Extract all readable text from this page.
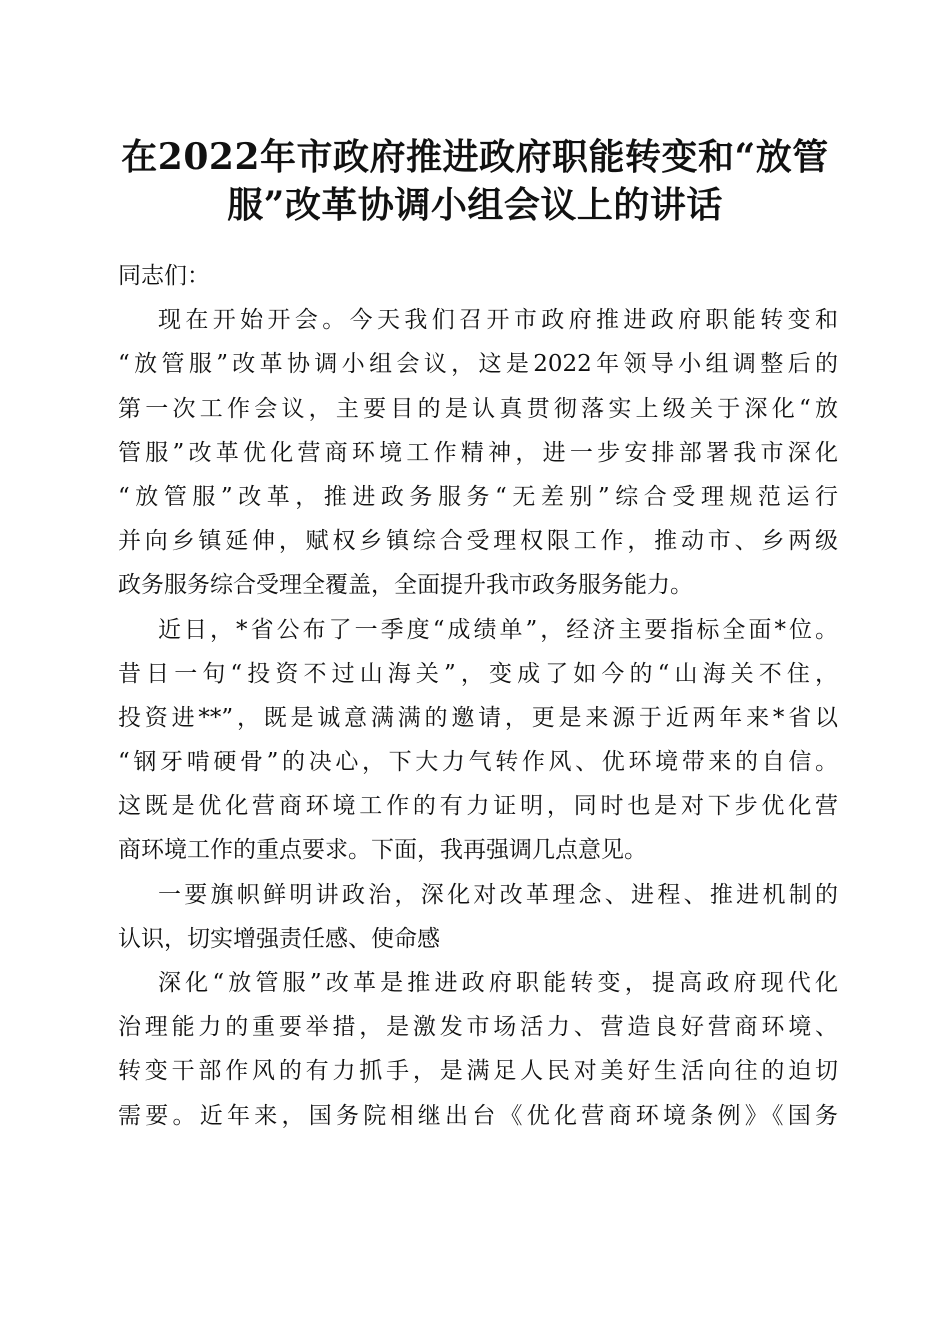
在2022年市政府推进政府职能转变和“放管
服”改革协调小组会议上的讲话
同志们：
现在开始开会。今天我们召开市政府推进政府职能转变和
“放管服”改革协调小组会议，这是2022年领导小组调整后的
第一次工作会议，主要目的是认真贯彻落实上级关于深化“放
管服”改革优化营商环境工作精神，进一步安排部署我市深化
“放管服”改革，推进政务服务“无差别”综合受理规范运行
并向乡镇延伸，赋权乡镇综合受理权限工作，推动市、乡两级
政务服务综合受理全覆盖，全面提升我市政务服务能力。
近日，*省公布了一季度“成绩单”，经济主要指标全面*位。
昔日一句“投资不过山海关”，变成了如今的“山海关不住，
投资进**”，既是诚意满满的邀请，更是来源于近两年来*省以
“钢牙啃硬骨”的决心，下大力气转作风、优环境带来的自信。
这既是优化营商环境工作的有力证明，同时也是对下步优化营
商环境工作的重点要求。下面，我再强调几点意见。
一要旗帜鲜明讲政治，深化对改革理念、进程、推进机制的
认识，切实增强责任感、使命感
深化“放管服”改革是推进政府职能转变，提高政府现代化
治理能力的重要举措，是激发市场活力、营造良好营商环境、
转变干部作风的有力抓手，是满足人民对美好生活向往的迫切
需要。近年来，国务院相继出台《优化营商环境条例》《国务
